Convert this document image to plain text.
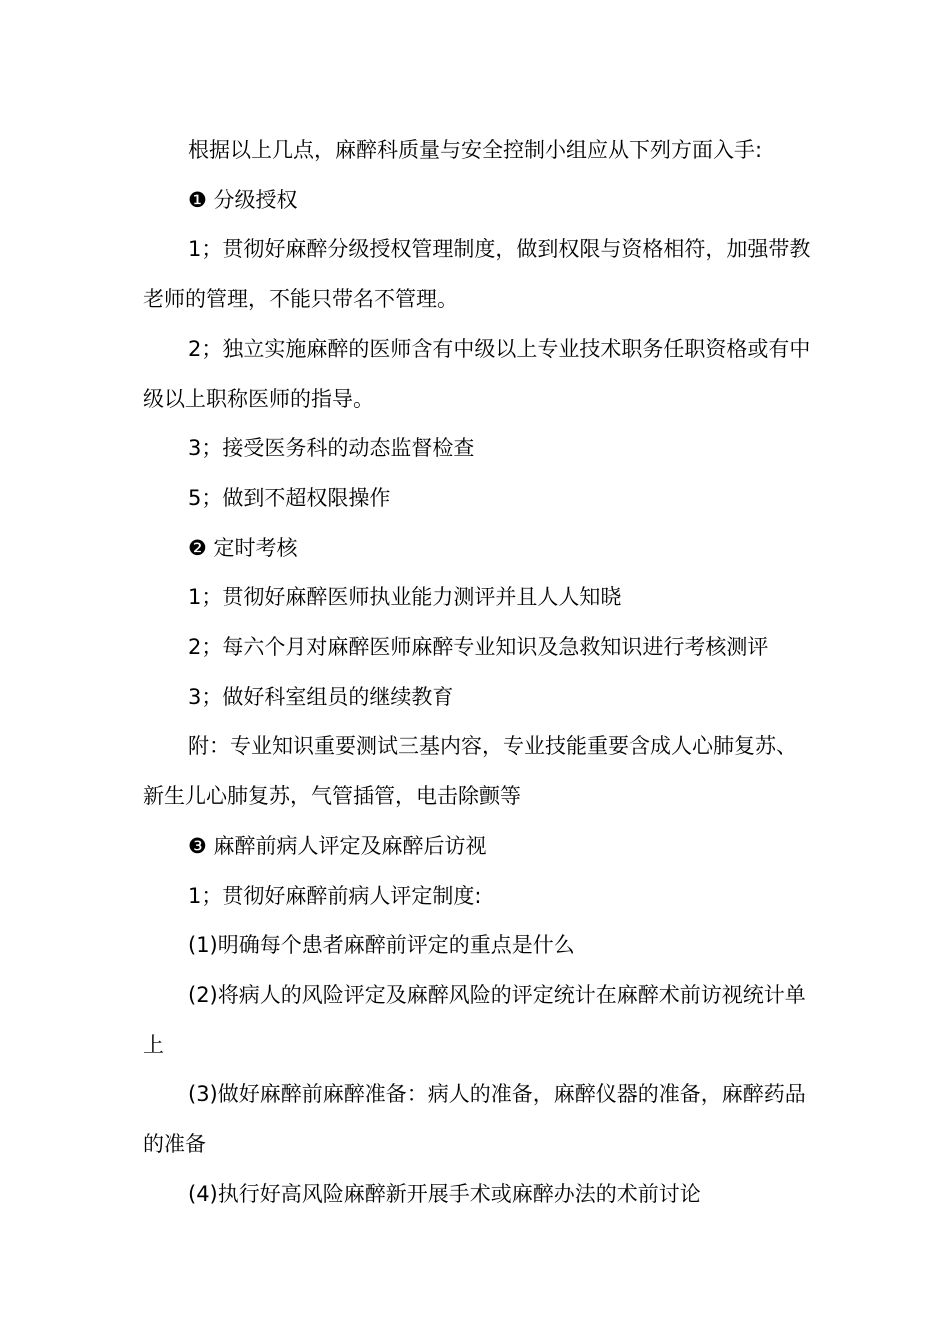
根据以上几点，麻醉科质量与安全控制小组应从下列方面入手:

❶ 分级授权

1；贯彻好麻醉分级授权管理制度，做到权限与资格相符，加强带教老师的管理，不能只带名不管理。

2；独立实施麻醉的医师含有中级以上专业技术职务任职资格或有中级以上职称医师的指导。

3；接受医务科的动态监督检查

5；做到不超权限操作

❷ 定时考核

1；贯彻好麻醉医师执业能力测评并且人人知晓

2；每六个月对麻醉医师麻醉专业知识及急救知识进行考核测评

3；做好科室组员的继续教育

附：专业知识重要测试三基内容，专业技能重要含成人心肺复苏、新生儿心肺复苏，气管插管，电击除颤等

❸ 麻醉前病人评定及麻醉后访视

1；贯彻好麻醉前病人评定制度:

(1)明确每个患者麻醉前评定的重点是什么

(2)将病人的风险评定及麻醉风险的评定统计在麻醉术前访视统计单上

(3)做好麻醉前麻醉准备：病人的准备，麻醉仪器的准备，麻醉药品的准备

(4)执行好高风险麻醉新开展手术或麻醉办法的术前讨论
